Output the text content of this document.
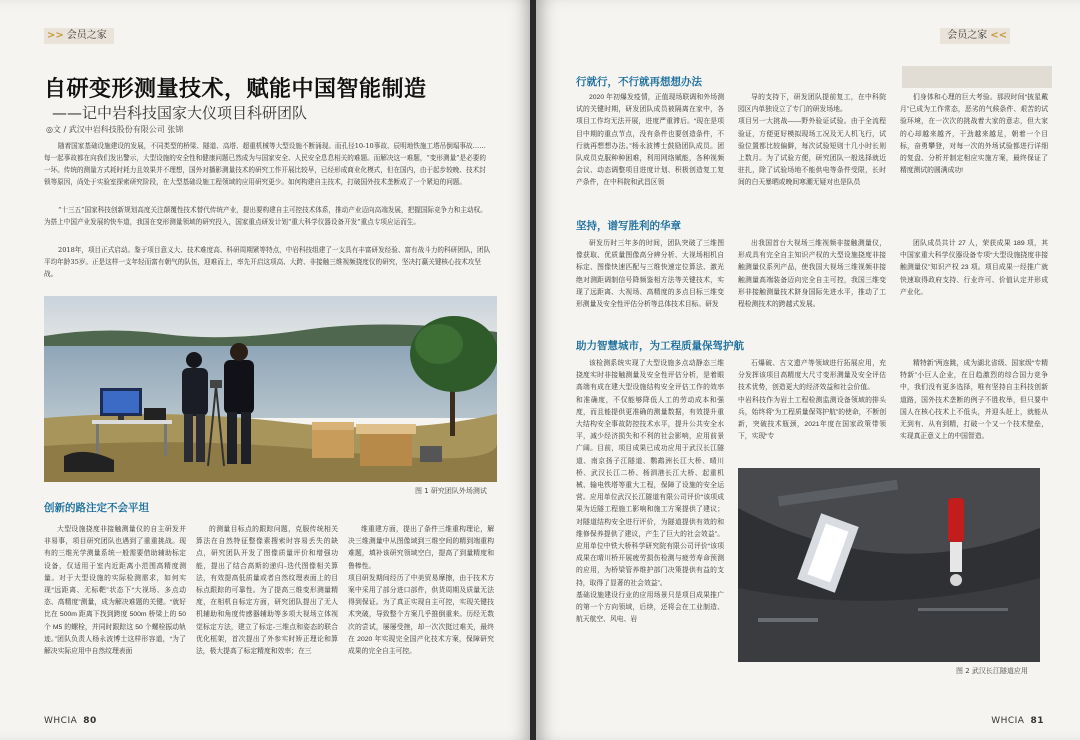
>> 会员之家
自研变形测量技术，赋能中国智能制造
——记中岩科技国家大仪项目科研团队
◎文 / 武汉中岩科技股份有限公司 张锦

随着国家基础设施建设的发展，不同类型的桥梁、隧道、高塔、超重机械等大型设施不断涌现。而孔径10-10事故、辰明地铁施工塔吊倒塌事故……每一起事故都在向我们发出警示，大型设施的安全性和健康问题已然成为与国家安全、人民安全息息相关的难题。而解决这一难题，“变形测量”是必要的一环。传统的测量方式耗时耗力且效果并不理想，国外对播影测量技术的研究工作开展比较早，已经形成商业化模式，但在国内，由于起步较晚、技术封锁等原因，尚处于实验室探索研究阶段，在大型基础设施工程领域的应用研究更少。如何构建自主技术，打破国外技术垄断成了一个紧迫的问题。

“十三五”国家科技创新规划高度关注颠覆性技术替代传统产业，提出要构建自主可控技术体系，推动产业迈向高端发展，把握国际竞争力和主动权。为搭上中国产业发展的快车道，我国在变形测量领域的研究投入，国家重点研发计划“重大科学仪器设备开发”重点专项应运而生。

2018年，项目正式启动。鉴于项目意义大、技术难度高、科研周期紧等特点，中岩科技组建了一支具有丰富研发经验、富有战斗力的科研团队，团队平均年龄35岁。正是这样一支年轻而富有朝气的队伍，迎难而上，率先开启这项高、大跨、非接触三维视频挠度仪的研究，坚决打赢关键核心技术攻坚战。

图 1 研究团队外场测试
创新的路注定不会平坦

大型设施挠度非接触测量仪的自主研发并非易事，项目研究团队也遇到了重重挑战。现有的三维光学测量系统一般需要借助辅助标定设备，仅适用于室内近距离小范围高精度测量。对于大型设施的实际检测需求，如何实现“远距离、无标靶”状态下“大视场、多点动态、高精度”测量，成为解决难题的关键。“就好比在 500m 距离下找到跨度 500m 桥梁上的 50 个 M5 的螺栓，并同时跟踪这 50 个螺栓振动轨迹。”团队负责人杨永波博士这样形容道，“为了解决实际应用中自然纹理表面

的测量目标点的跟踪问题，克服传统相关算法在自然特征整像素搜索时容易丢失的缺点，研究团队开发了图像质量评价和增强功能，提出了结合高斯的递归-迭代图像相关算法，有效提高低质量或者自然纹理表面上的目标点跟踪的可靠性。为了提高三维变形测量精度，在相机自标定方面，研究团队提出了无人机辅助和角度传感器辅助等多项大视场立体视觉标定方法，建立了标定-三维点和姿态的联合优化框架，首次提出了外参实时矫正理论和算法，极大提高了标定精度和效率；在三

维重建方面，提出了条件三维重构理论，解决三维测量中从图像域到三维空间的精到端重构难题，填补该研究领域空白，提高了到量精度和鲁棒性。
项目研发期间经历了中美贸易摩擦，由于技术方案中采用了部分进口部件，供货周期及质量无法得到保证。为了真正实现自主可控，实现关键技术突破，导致整个方案几乎推倒重来。历经无数次的尝试，屡屡受挫，却一次次挺过难关，最终在 2020 年实现完全国产化技术方案，保障研究成果的完全自主可控。

WHCIA 80
会员之家 <<
行就行，不行就再想想办法

2020 年初爆发疫情，正值现场联调和外场测试的关键时期，研发团队成员被隔离在家中，各项目工作均无法开展，进度严重滞后。“现在是项目中期的重点节点，没有条件也要创造条件，不行就再想想办法。”杨永波博士鼓励团队成员。团队成员克服种种困难，利用网络赋能，各种视频会议、动态调整项目进度计划、积极创造复工复产条件，在中科院和武昌区领

导的支持下，研发团队提前复工，在中科院园区内单独设立了专门的研发场地。
项目另一大挑战——野外验证试验。由于全流程验证，方便更好模拟现场工况及无人机飞行，试验位置都比较偏僻，每次试验短则十几小时长则上数月。为了试验方便，研究团队一般选择就近驻扎，除了试验场地不能供电等条件受限，长时间的白天暴晒或晚间寒潮无疑对也是队员

们身体和心理的巨大考验。那段时间“披星戴月”已成为工作常态，恶劣的气候条件、艰苦的试验环境，在一次次的挑战着大家的意志，但大家的心却越来越齐，干劲越来越足，朝着一个目标，奋勇攀登，对每一次的外场试验都进行详细的复盘、分析并制定相应实施方案，最终保证了精度测试的圆满成功!

坚持，谱写胜利的华章

研发历时三年多的时间，团队突破了三维图像获取、优质量图像高分辨分析、大视场相机自标定、图像快速匹配与三维快速定位算法、激光绝对测距调制信号降频鉴相方法等关键技术，实现了远距离、大视场、高精度的多点目标三维变形测量及安全性评估分析等总体技术目标。研发

出我国首台大视场三维视频非接触测量仪，形成具有完全自主知识产权的大型设施挠度非接触测量仪系列产品，使我国大视场三维视频非接触测量高端装备迈向完全自主可控，我国三维变形非接触测量技术跻身国际先进水平，推动了工程检测技术的跨越式发展。

团队成员共计 27 人，荣获成果 189 项，其中国家重大科学仪器设备专项“大型设施挠度非接触测量仪”知识产权 23 项。项目成果一经推广就快速取得政府支持、行业许可、价值认定并形成产业化。

助力智慧城市，为工程质量保驾护航

该检测系统实现了大型设施多点动静态三维挠度实时非接触测量及安全性评估分析，是着眼高端有成在建大型设施结构安全评估工作的效率和准确度，不仅能够降低人工的劳动成本和强度，而且能提供更准确的测量数据，有效提升重大结构安全事故防控技术水平，提升公共安全水平，减少经济损失和不利的社会影响，应用前景广阔。目前，项目成果已成功应用于武汉长江隧道、南京扬子江隧道、鹦鹉洲长江大桥、晴川桥、武汉长江二桥、杨泗港长江大桥、起重机械、输电铁塔等重大工程，保障了设施的安全运营。应用单位武汉长江隧道有限公司评价“该项成果为近隧工程施工影响和施工方案提供了建议；对隧道结构安全进行评价，为隧道提供有效的和维修保养提供了建议，产生了巨大的社会效益”。应用单位中铁大桥科学研究院有限公司评价“该项成果在晴川桥开展疲劳损伤检测与疲劳寿命预测的应用，为桥梁管养维护部门决策提供有益的支持，取得了显著的社会效益”。
基础设施建设行业的应用场景只是项目成果推广的第一个方向领域，后续，还将会在工业制造、航天航空、风电、岩

石爆破、古文遗产等领域进行拓展应用，充分发挥该项目高精度大尺寸变形测量及安全评估技术优势，创造更大的经济效益和社会价值。
中岩科技作为岩土工程检测监测设备领域的排头兵，始终将“为工程质量保驾护航”的使命，不断创新，突破技术瓶颈，2021年度在国家政策带领下，实现“专

精特新”两连跳，成为湖北省级、国家级“专精特新”小巨人企业，在日趋激烈的综合国力竞争中，我们没有更多选择，唯有坚持自主科技创新道路，国外技术垄断的例子不胜枚举，但只要中国人在核心技术上不低头，并迎头赶上，就能从无到有、从有到精，打破一个又一个技术壁垒，实现真正意义上的中国智造。

图 2 武汉长江隧道应用
WHCIA 81
